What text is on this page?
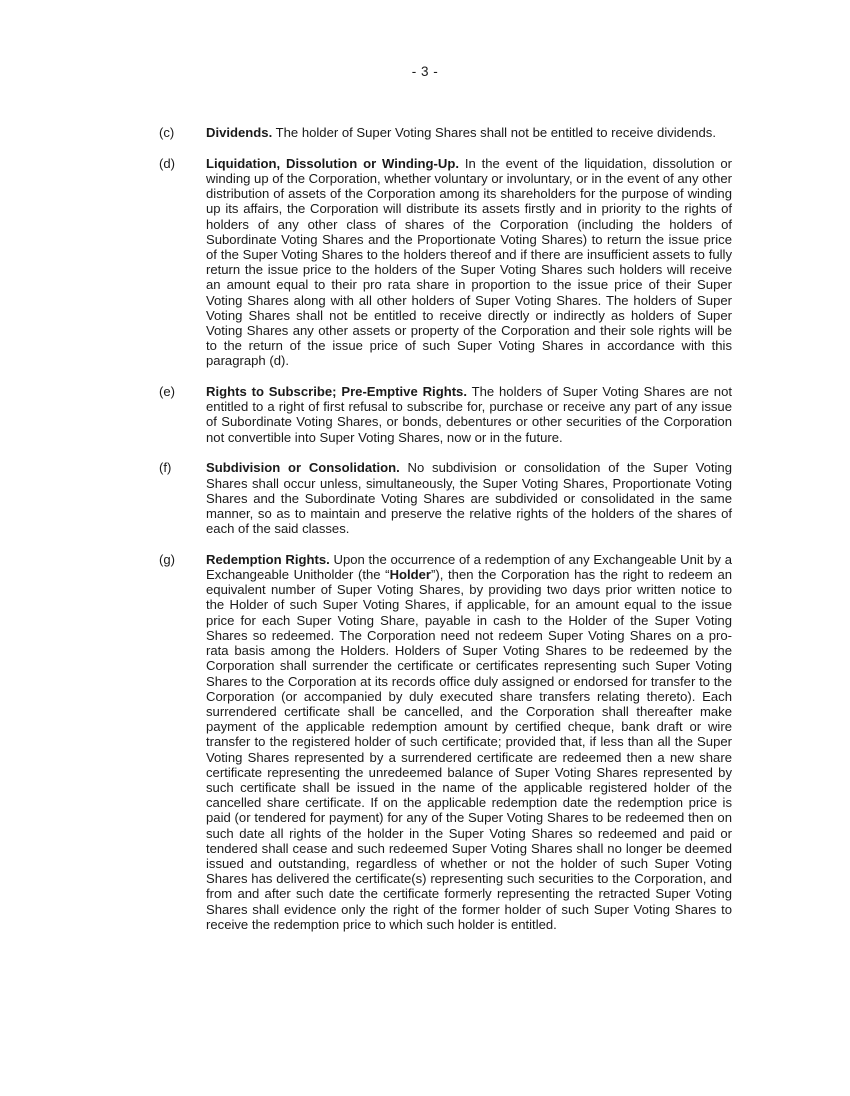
- 3 -
(c)	Dividends. The holder of Super Voting Shares shall not be entitled to receive dividends.
(d)	Liquidation, Dissolution or Winding-Up. In the event of the liquidation, dissolution or winding up of the Corporation, whether voluntary or involuntary, or in the event of any other distribution of assets of the Corporation among its shareholders for the purpose of winding up its affairs, the Corporation will distribute its assets firstly and in priority to the rights of holders of any other class of shares of the Corporation (including the holders of Subordinate Voting Shares and the Proportionate Voting Shares) to return the issue price of the Super Voting Shares to the holders thereof and if there are insufficient assets to fully return the issue price to the holders of the Super Voting Shares such holders will receive an amount equal to their pro rata share in proportion to the issue price of their Super Voting Shares along with all other holders of Super Voting Shares. The holders of Super Voting Shares shall not be entitled to receive directly or indirectly as holders of Super Voting Shares any other assets or property of the Corporation and their sole rights will be to the return of the issue price of such Super Voting Shares in accordance with this paragraph (d).
(e)	Rights to Subscribe; Pre-Emptive Rights. The holders of Super Voting Shares are not entitled to a right of first refusal to subscribe for, purchase or receive any part of any issue of Subordinate Voting Shares, or bonds, debentures or other securities of the Corporation not convertible into Super Voting Shares, now or in the future.
(f)	Subdivision or Consolidation. No subdivision or consolidation of the Super Voting Shares shall occur unless, simultaneously, the Super Voting Shares, Proportionate Voting Shares and the Subordinate Voting Shares are subdivided or consolidated in the same manner, so as to maintain and preserve the relative rights of the holders of the shares of each of the said classes.
(g)	Redemption Rights. Upon the occurrence of a redemption of any Exchangeable Unit by a Exchangeable Unitholder (the “Holder”), then the Corporation has the right to redeem an equivalent number of Super Voting Shares, by providing two days prior written notice to the Holder of such Super Voting Shares, if applicable, for an amount equal to the issue price for each Super Voting Share, payable in cash to the Holder of the Super Voting Shares so redeemed. The Corporation need not redeem Super Voting Shares on a pro-rata basis among the Holders. Holders of Super Voting Shares to be redeemed by the Corporation shall surrender the certificate or certificates representing such Super Voting Shares to the Corporation at its records office duly assigned or endorsed for transfer to the Corporation (or accompanied by duly executed share transfers relating thereto). Each surrendered certificate shall be cancelled, and the Corporation shall thereafter make payment of the applicable redemption amount by certified cheque, bank draft or wire transfer to the registered holder of such certificate; provided that, if less than all the Super Voting Shares represented by a surrendered certificate are redeemed then a new share certificate representing the unredeemed balance of Super Voting Shares represented by such certificate shall be issued in the name of the applicable registered holder of the cancelled share certificate. If on the applicable redemption date the redemption price is paid (or tendered for payment) for any of the Super Voting Shares to be redeemed then on such date all rights of the holder in the Super Voting Shares so redeemed and paid or tendered shall cease and such redeemed Super Voting Shares shall no longer be deemed issued and outstanding, regardless of whether or not the holder of such Super Voting Shares has delivered the certificate(s) representing such securities to the Corporation, and from and after such date the certificate formerly representing the retracted Super Voting Shares shall evidence only the right of the former holder of such Super Voting Shares to receive the redemption price to which such holder is entitled.
